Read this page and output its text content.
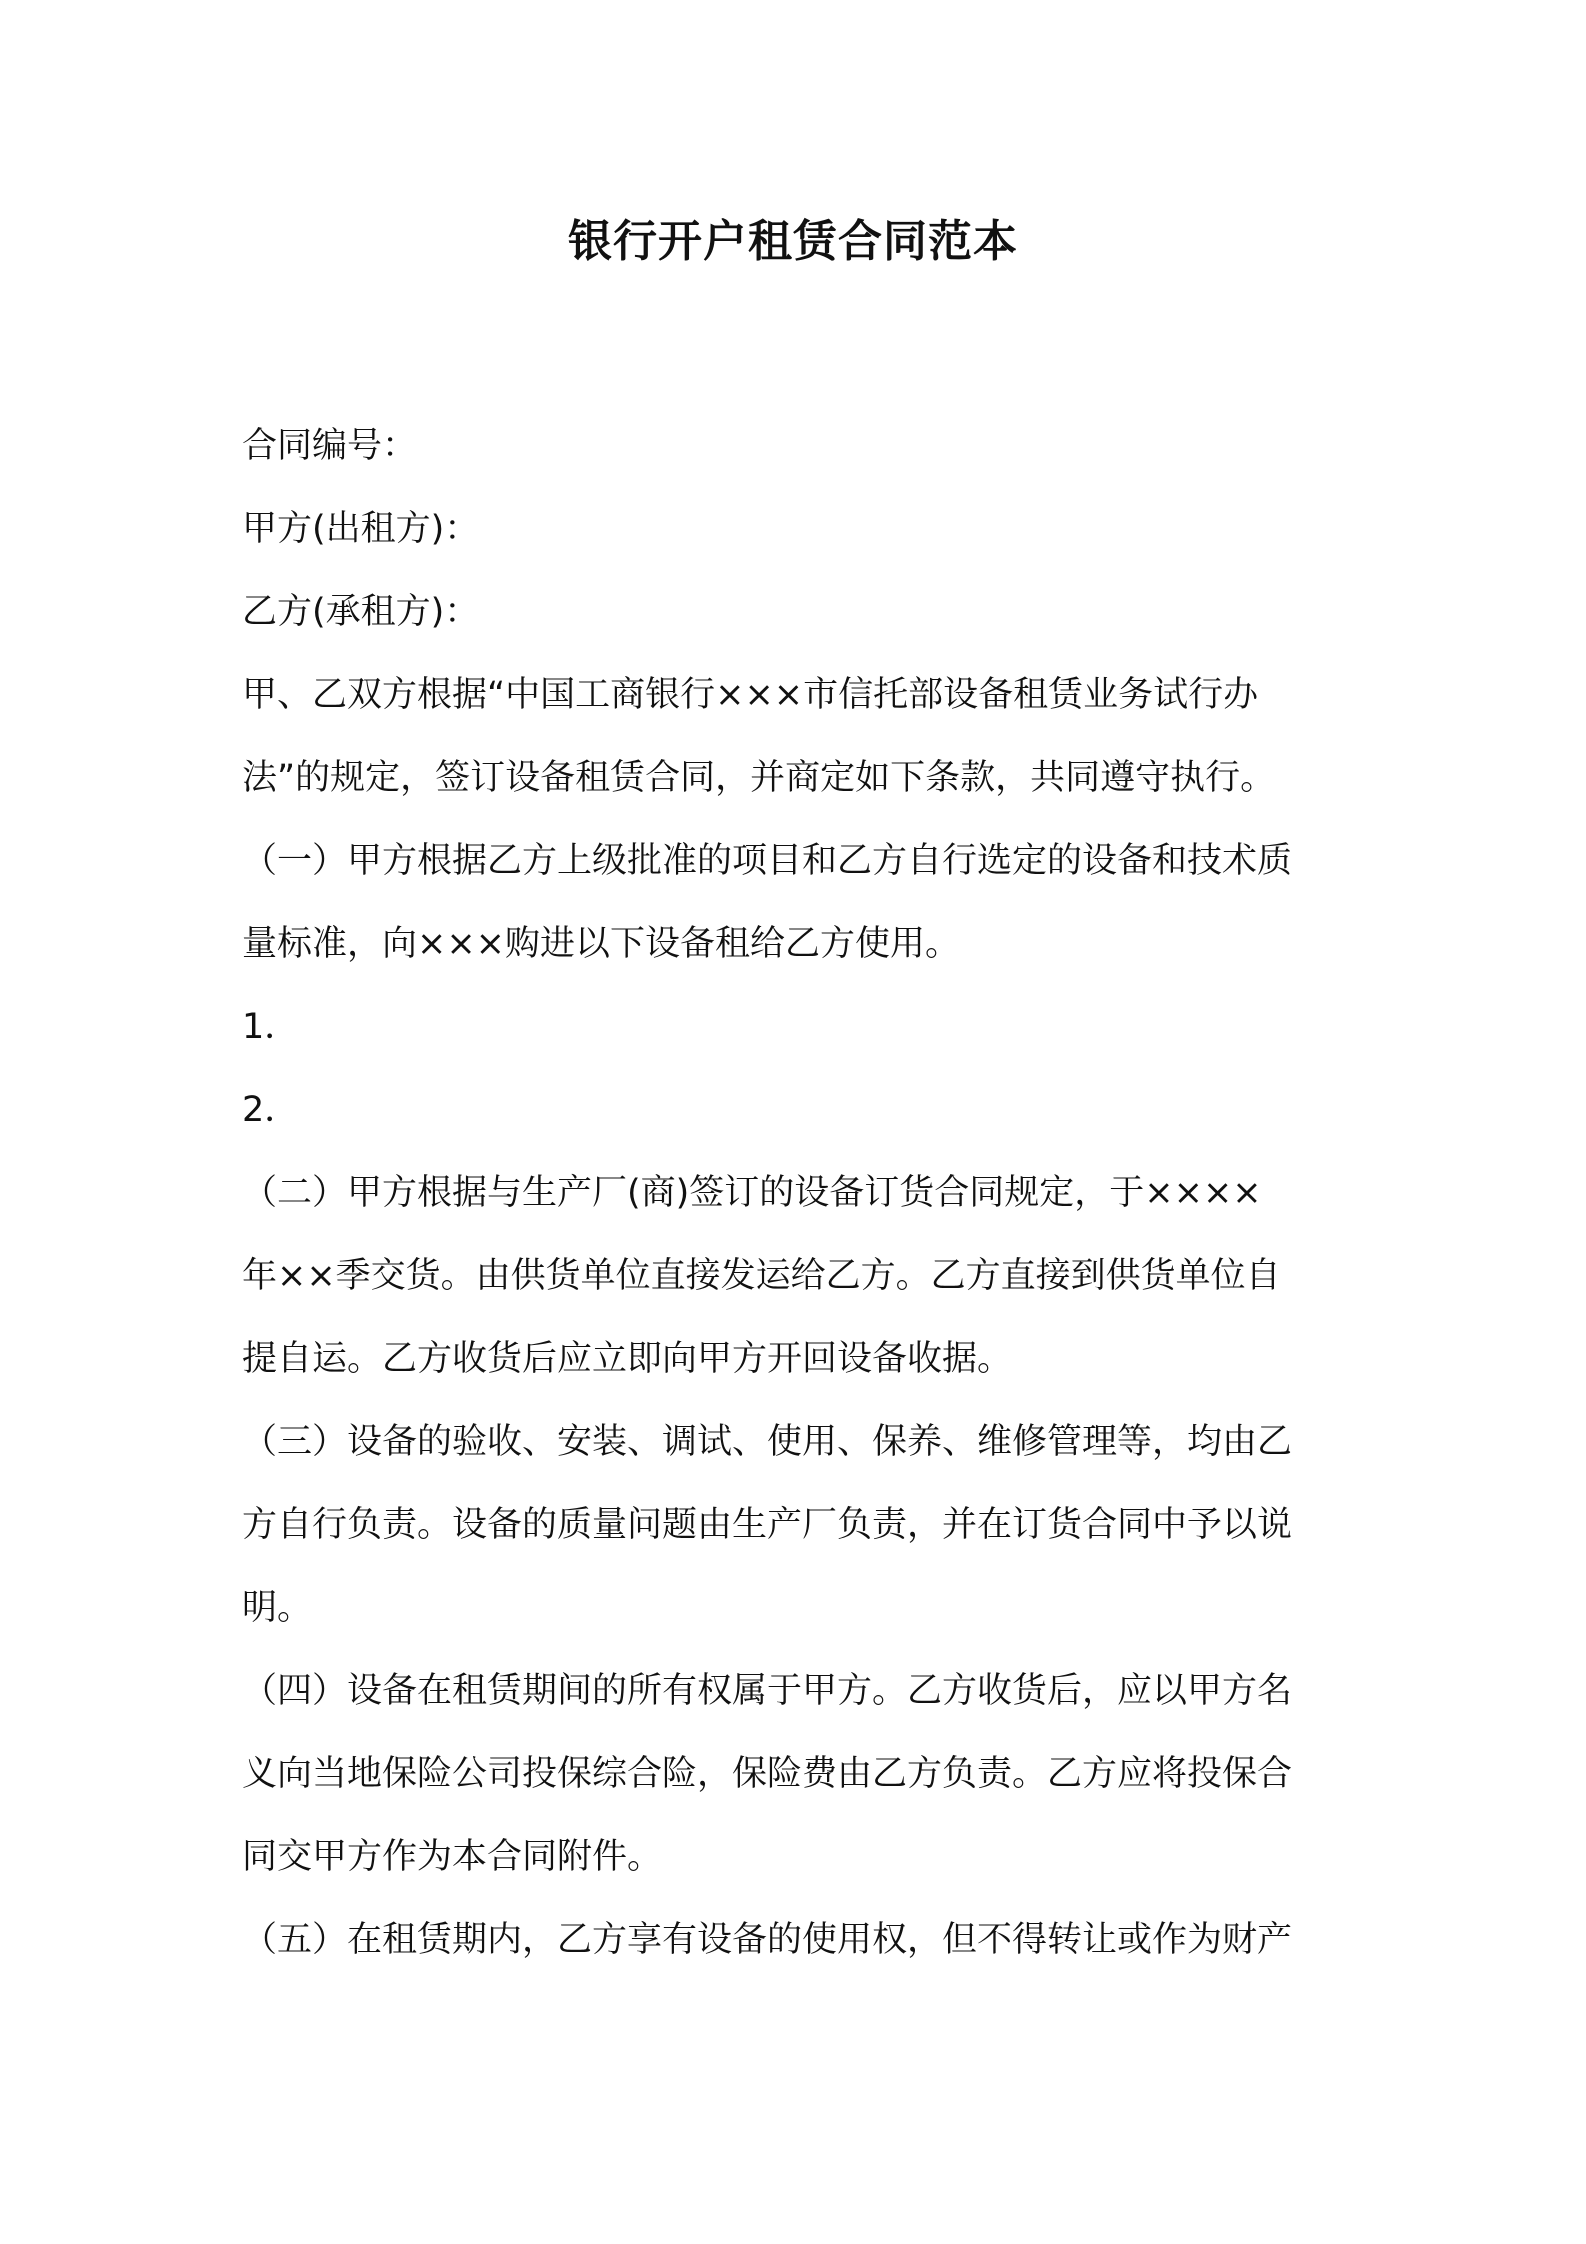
银行开户租赁合同范本
合同编号：
甲方(出租方)：
乙方(承租方)：
甲、乙双方根据“中国工商银行×××市信托部设备租赁业务试行办
法”的规定，签订设备租赁合同，并商定如下条款，共同遵守执行。
（一）甲方根据乙方上级批准的项目和乙方自行选定的设备和技术质
量标准，向×××购进以下设备租给乙方使用。
1．
2．
（二）甲方根据与生产厂(商)签订的设备订货合同规定，于××××
年××季交货。由供货单位直接发运给乙方。乙方直接到供货单位自
提自运。乙方收货后应立即向甲方开回设备收据。
（三）设备的验收、安装、调试、使用、保养、维修管理等，均由乙
方自行负责。设备的质量问题由生产厂负责，并在订货合同中予以说
明。
（四）设备在租赁期间的所有权属于甲方。乙方收货后，应以甲方名
义向当地保险公司投保综合险，保险费由乙方负责。乙方应将投保合
同交甲方作为本合同附件。
（五）在租赁期内，乙方享有设备的使用权，但不得转让或作为财产
